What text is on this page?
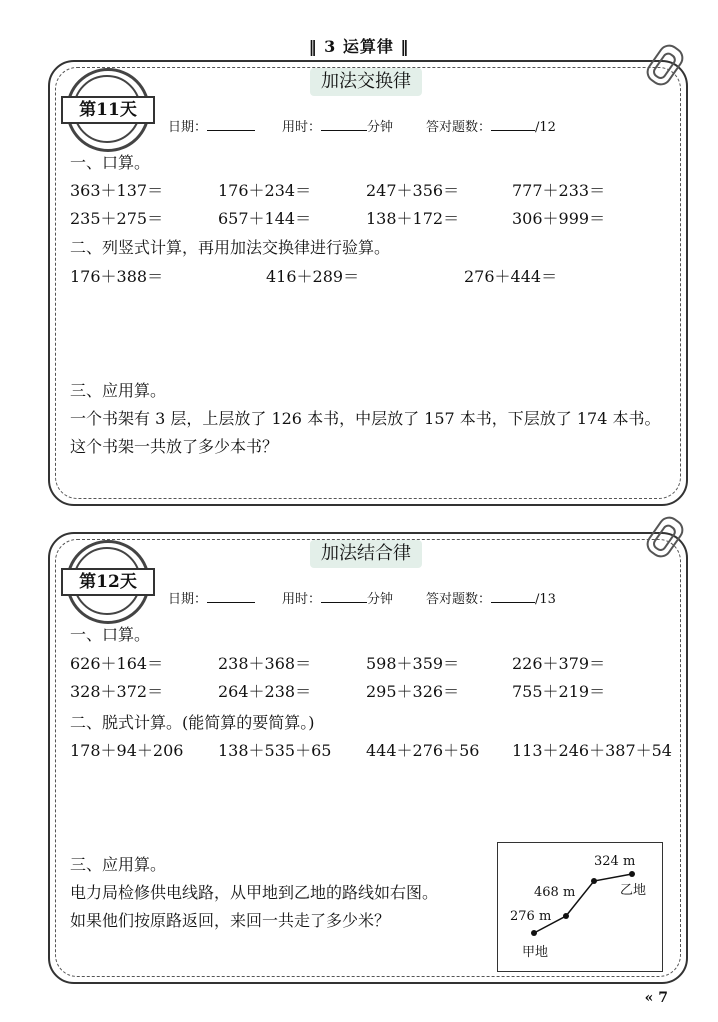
‖ 3 运算律 ‖
加法交换律
第11天
日期：	用时：	分钟	答对题数：	/12
一、口算。
363＋137＝	176＋234＝	247＋356＝	777＋233＝
235＋275＝	657＋144＝	138＋172＝	306＋999＝
二、列竖式计算，再用加法交换律进行验算。
176＋388＝	416＋289＝	276＋444＝
三、应用算。
一个书架有 3 层，上层放了 126 本书，中层放了 157 本书，下层放了 174 本书。
这个书架一共放了多少本书？
加法结合律
第12天
日期：	用时：	分钟	答对题数：	/13
一、口算。
626＋164＝	238＋368＝	598＋359＝	226＋379＝
328＋372＝	264＋238＝	295＋326＝	755＋219＝
二、脱式计算。(能简算的要简算。)
178＋94＋206 138＋535＋65 444＋276＋56 113＋246＋387＋54
三、应用算。
电力局检修供电线路，从甲地到乙地的路线如右图。
如果他们按原路返回，来回一共走了多少米？	276 m
468 m
324 m
甲地
乙地
« 7
